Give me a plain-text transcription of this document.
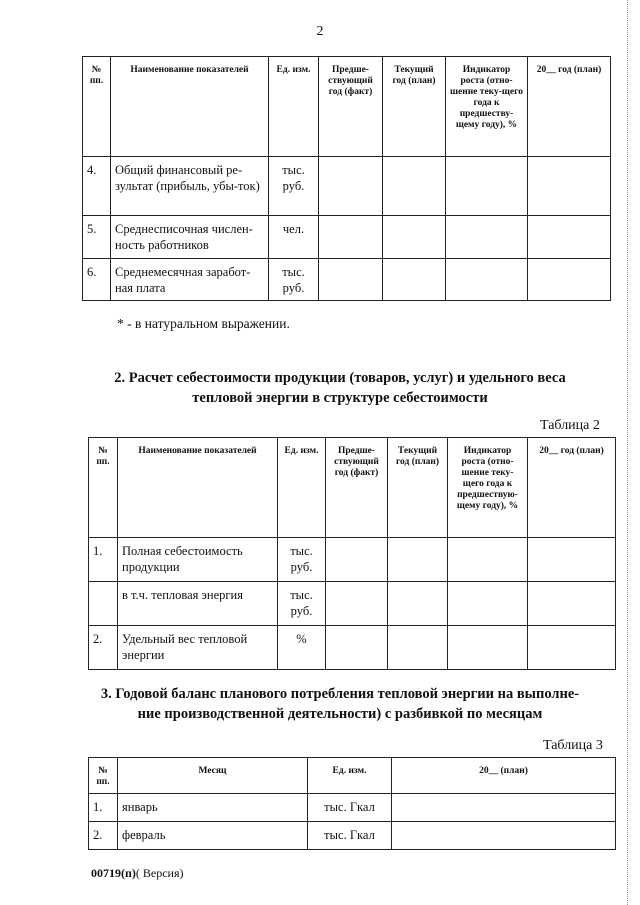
2
№ пп.	Наименование показателей	Ед. изм.	Предше-ствующий год (факт)	Текущий год (план)	Индикатор роста (отно-шение теку-щего года к предшеству-щему году), %	20__ год (план)
4.	Общий финансовый ре-зультат (прибыль, убы-ток)	тыс. руб.				
5.	Среднесписочная числен-ность работников	чел.				
6.	Среднемесячная заработ-ная плата	тыс. руб.				
* - в натуральном выражении.
2. Расчет себестоимости продукции (товаров, услуг) и удельного веса
тепловой энергии в структуре себестоимости
Таблица 2
№ пп.	Наименование показателей	Ед. изм.	Предше-ствующий год (факт)	Текущий год (план)	Индикатор роста (отно-шение теку-щего года к предшествую-щему году), %	20__ год (план)
1.	Полная себестоимость продукции	тыс. руб.				
	в т.ч. тепловая энергия	тыс. руб.				
2.	Удельный вес тепловой энергии	%				
3. Годовой баланс планового потребления тепловой энергии на выполне-
ние производственной деятельности) с разбивкой по месяцам
Таблица 3
№ пп.	Месяц	Ед. изм.	20__ (план)
1.	январь	тыс. Гкал	
2.	февраль	тыс. Гкал	
00719(п)( Версия)
